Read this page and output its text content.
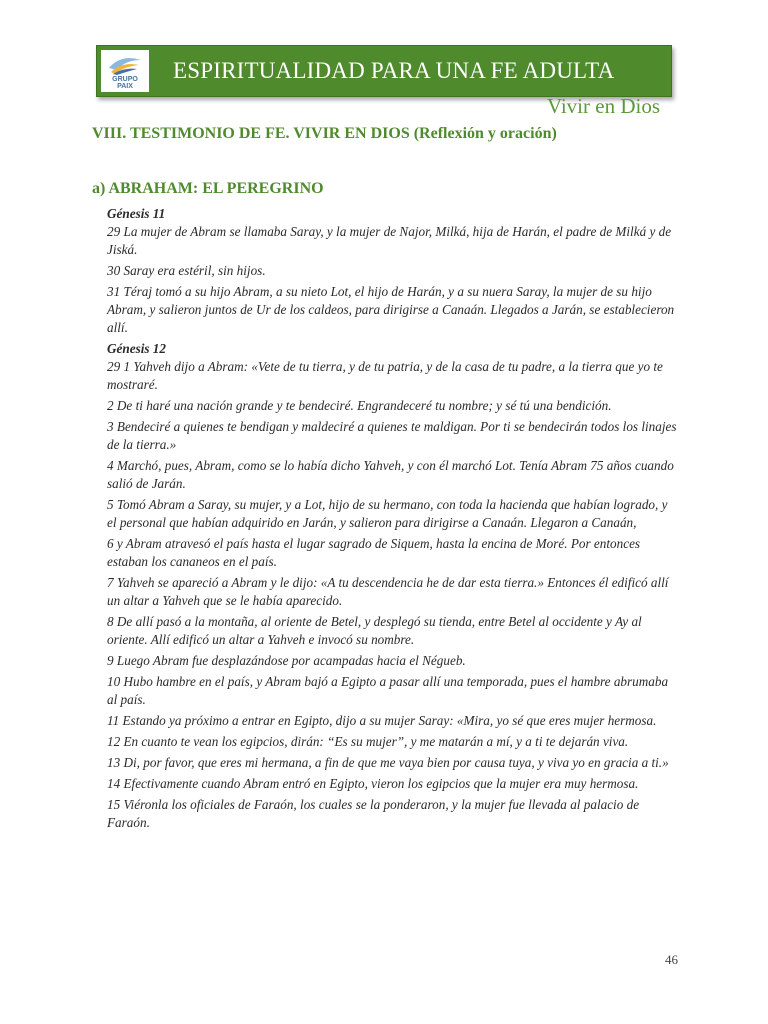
GRUPO
PAIX
ESPIRITUALIDAD PARA UNA FE ADULTA
Vivir en Dios
VIII. TESTIMONIO DE FE. VIVIR EN DIOS (Reflexión y oración)
a) ABRAHAM: EL PEREGRINO

Génesis 11

29 La mujer de Abram se llamaba Saray, y la mujer de Najor, Milká, hija de Harán, el padre de Milká y de Jiská.

30 Saray era estéril, sin hijos.

31 Téraj tomó a su hijo Abram, a su nieto Lot, el hijo de Harán, y a su nuera Saray, la mujer de su hijo Abram, y salieron juntos de Ur de los caldeos, para dirigirse a Canaán. Llegados a Jarán, se establecieron allí.

Génesis 12

29 1 Yahveh dijo a Abram: «Vete de tu tierra, y de tu patria, y de la casa de tu padre, a la tierra que yo te mostraré.

2 De ti haré una nación grande y te bendeciré. Engrandeceré tu nombre; y sé tú una bendición.

3 Bendeciré a quienes te bendigan y maldeciré a quienes te maldigan. Por ti se bendecirán todos los linajes de la tierra.»

4 Marchó, pues, Abram, como se lo había dicho Yahveh, y con él marchó Lot. Tenía Abram 75 años cuando salió de Jarán.

5 Tomó Abram a Saray, su mujer, y a Lot, hijo de su hermano, con toda la hacienda que habían logrado, y el personal que habían adquirido en Jarán, y salieron para dirigirse a Canaán. Llegaron a Canaán,

6 y Abram atravesó el país hasta el lugar sagrado de Siquem, hasta la encina de Moré. Por entonces estaban los cananeos en el país.

7 Yahveh se apareció a Abram y le dijo: «A tu descendencia he de dar esta tierra.» Entonces él edificó allí un altar a Yahveh que se le había aparecido.

8 De allí pasó a la montaña, al oriente de Betel, y desplegó su tienda, entre Betel al occidente y Ay al oriente. Allí edificó un altar a Yahveh e invocó su nombre.

9 Luego Abram fue desplazándose por acampadas hacia el Négueb.

10 Hubo hambre en el país, y Abram bajó a Egipto a pasar allí una temporada, pues el hambre abrumaba al país.

11 Estando ya próximo a entrar en Egipto, dijo a su mujer Saray: «Mira, yo sé que eres mujer hermosa.

12 En cuanto te vean los egipcios, dirán: “Es su mujer”, y me matarán a mí, y a ti te dejarán viva.

13 Di, por favor, que eres mi hermana, a fin de que me vaya bien por causa tuya, y viva yo en gracia a ti.»

14 Efectivamente cuando Abram entró en Egipto, vieron los egipcios que la mujer era muy hermosa.

15 Viéronla los oficiales de Faraón, los cuales se la ponderaron, y la mujer fue llevada al palacio de Faraón.

46
